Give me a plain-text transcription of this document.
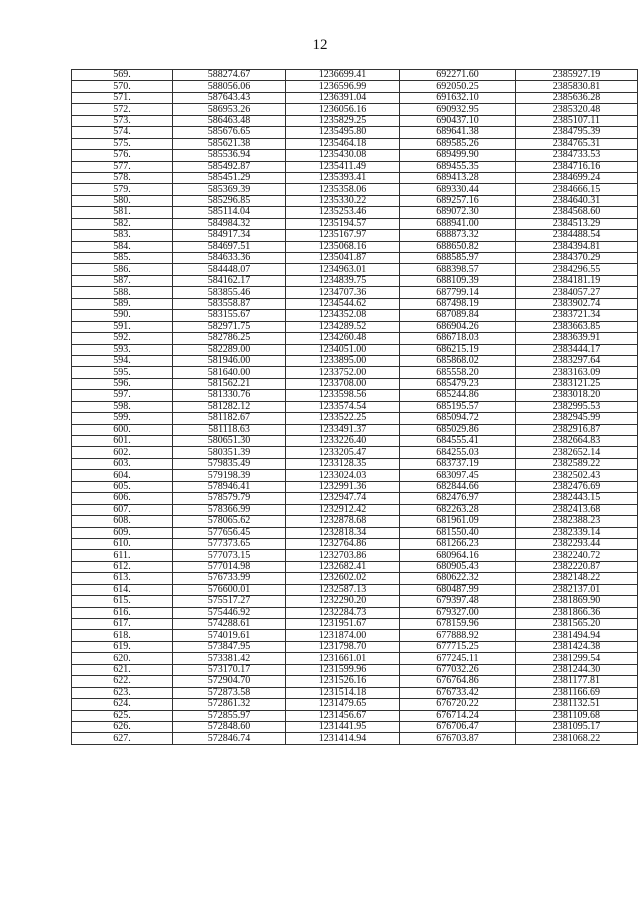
12
569.	588274.67	1236699.41	692271.60	2385927.19
570.	588056.06	1236596.99	692050.25	2385830.81
571.	587643.43	1236391.04	691632.10	2385636.28
572.	586953.26	1236056.16	690932.95	2385320.48
573.	586463.48	1235829.25	690437.10	2385107.11
574.	585676.65	1235495.80	689641.38	2384795.39
575.	585621.38	1235464.18	689585.26	2384765.31
576.	585536.94	1235430.08	689499.90	2384733.53
577.	585492.87	1235411.49	689455.35	2384716.16
578.	585451.29	1235393.41	689413.28	2384699.24
579.	585369.39	1235358.06	689330.44	2384666.15
580.	585296.85	1235330.22	689257.16	2384640.31
581.	585114.04	1235253.46	689072.30	2384568.60
582.	584984.32	1235194.57	688941.00	2384513.29
583.	584917.34	1235167.97	688873.32	2384488.54
584.	584697.51	1235068.16	688650.82	2384394.81
585.	584633.36	1235041.87	688585.97	2384370.29
586.	584448.07	1234963.01	688398.57	2384296.55
587.	584162.17	1234839.75	688109.39	2384181.19
588.	583855.46	1234707.36	687799.14	2384057.27
589.	583558.87	1234544.62	687498.19	2383902.74
590.	583155.67	1234352.08	687089.84	2383721.34
591.	582971.75	1234289.52	686904.26	2383663.85
592.	582786.25	1234260.48	686718.03	2383639.91
593.	582289.00	1234051.00	686215.19	2383444.17
594.	581946.00	1233895.00	685868.02	2383297.64
595.	581640.00	1233752.00	685558.20	2383163.09
596.	581562.21	1233708.00	685479.23	2383121.25
597.	581330.76	1233598.56	685244.86	2383018.20
598.	581282.12	1233574.54	685195.57	2382995.53
599.	581182.67	1233522.25	685094.72	2382945.99
600.	581118.63	1233491.37	685029.86	2382916.87
601.	580651.30	1233226.40	684555.41	2382664.83
602.	580351.39	1233205.47	684255.03	2382652.14
603.	579835.49	1233128.35	683737.19	2382589.22
604.	579198.39	1233024.03	683097.45	2382502.43
605.	578946.41	1232991.36	682844.66	2382476.69
606.	578579.79	1232947.74	682476.97	2382443.15
607.	578366.99	1232912.42	682263.28	2382413.68
608.	578065.62	1232878.68	681961.09	2382388.23
609.	577656.45	1232818.34	681550.40	2382339.14
610.	577373.65	1232764.86	681266.23	2382293.44
611.	577073.15	1232703.86	680964.16	2382240.72
612.	577014.98	1232682.41	680905.43	2382220.87
613.	576733.99	1232602.02	680622.32	2382148.22
614.	576600.01	1232587.13	680487.99	2382137.01
615.	575517.27	1232290.20	679397.48	2381869.90
616.	575446.92	1232284.73	679327.00	2381866.36
617.	574288.61	1231951.67	678159.96	2381565.20
618.	574019.61	1231874.00	677888.92	2381494.94
619.	573847.95	1231798.70	677715.25	2381424.38
620.	573381.42	1231661.01	677245.11	2381299.54
621.	573170.17	1231599.96	677032.26	2381244.30
622.	572904.70	1231526.16	676764.86	2381177.81
623.	572873.58	1231514.18	676733.42	2381166.69
624.	572861.32	1231479.65	676720.22	2381132.51
625.	572855.97	1231456.67	676714.24	2381109.68
626.	572848.60	1231441.95	676706.47	2381095.17
627.	572846.74	1231414.94	676703.87	2381068.22
